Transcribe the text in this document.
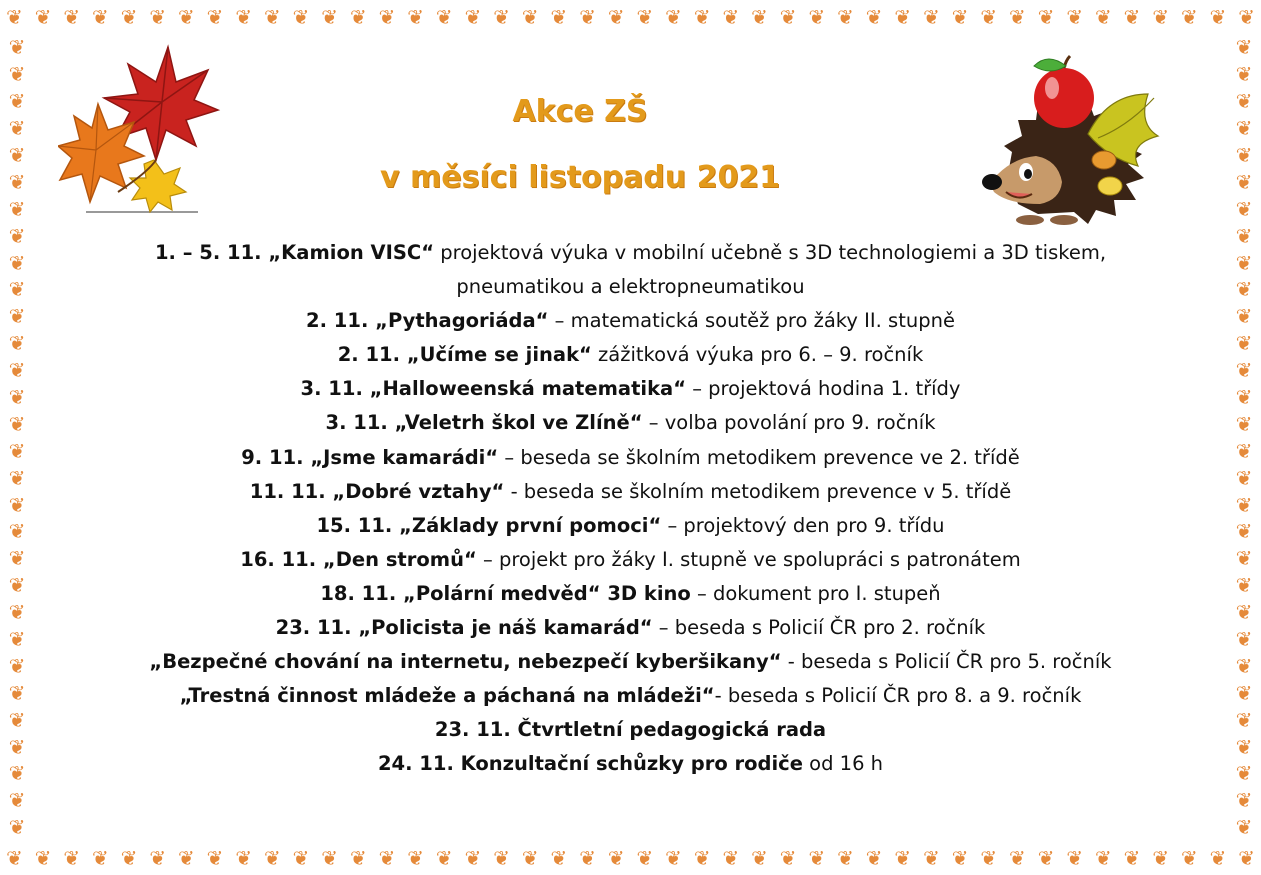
❦ ❦ ❦ ❦ ❦ ❦ ❦ ❦ ❦ ❦ ❦ ❦ ❦ ❦ ❦ ❦ ❦ ❦ ❦ ❦ ❦ ❦ ❦ ❦ ❦ ❦ ❦ ❦ ❦ ❦ ❦ ❦ ❦ ❦ ❦ ❦ ❦ ❦ ❦ ❦ ❦ ❦ ❦ ❦
❦ ❦ ❦ ❦ ❦ ❦ ❦ ❦ ❦ ❦ ❦ ❦ ❦ ❦ ❦ ❦ ❦ ❦ ❦ ❦ ❦ ❦ ❦ ❦ ❦ ❦ ❦ ❦ ❦ ❦ ❦ ❦ ❦ ❦ ❦ ❦ ❦ ❦ ❦ ❦ ❦ ❦ ❦ ❦
❦
❦
❦
❦
❦
❦
❦
❦
❦
❦
❦
❦
❦
❦
❦
❦
❦
❦
❦
❦
❦
❦
❦
❦
❦
❦
❦
❦
❦
❦
❦
❦
❦
❦
❦
❦
❦
❦
❦
❦
❦
❦
❦
❦
❦
❦
❦
❦
❦
❦
❦
❦
❦
❦
❦
❦
❦
❦
❦
❦
Akce ZŠ
v měsíci listopadu 2021
1. – 5. 11. „Kamion VISC“ projektová výuka v mobilní učebně s 3D technologiemi a 3D tiskem, pneumatikou a elektropneumatikou
2. 11. „Pythagoriáda“ – matematická soutěž pro žáky II. stupně
2. 11. „Učíme se jinak“ zážitková výuka pro 6. – 9. ročník
3. 11. „Halloweenská matematika“ – projektová hodina 1. třídy
3. 11. „Veletrh škol ve Zlíně“ – volba povolání pro 9. ročník
9. 11. „Jsme kamarádi“ – beseda se školním metodikem prevence ve 2. třídě
11. 11. „Dobré vztahy“ - beseda se školním metodikem prevence v 5. třídě
15. 11. „Základy první pomoci“ – projektový den pro 9. třídu
16. 11. „Den stromů“ – projekt pro žáky I. stupně ve spolupráci s patronátem
18. 11. „Polární medvěd“ 3D kino – dokument pro I. stupeň
23. 11. „Policista je náš kamarád“ – beseda s Policií ČR pro 2. ročník
„Bezpečné chování na internetu, nebezpečí kyberšikany“ - beseda s Policií ČR pro 5. ročník
„Trestná činnost mládeže a páchaná na mládeži“- beseda s Policií ČR pro 8. a 9. ročník
23. 11. Čtvrtletní pedagogická rada
24. 11. Konzultační schůzky pro rodiče od 16 h
